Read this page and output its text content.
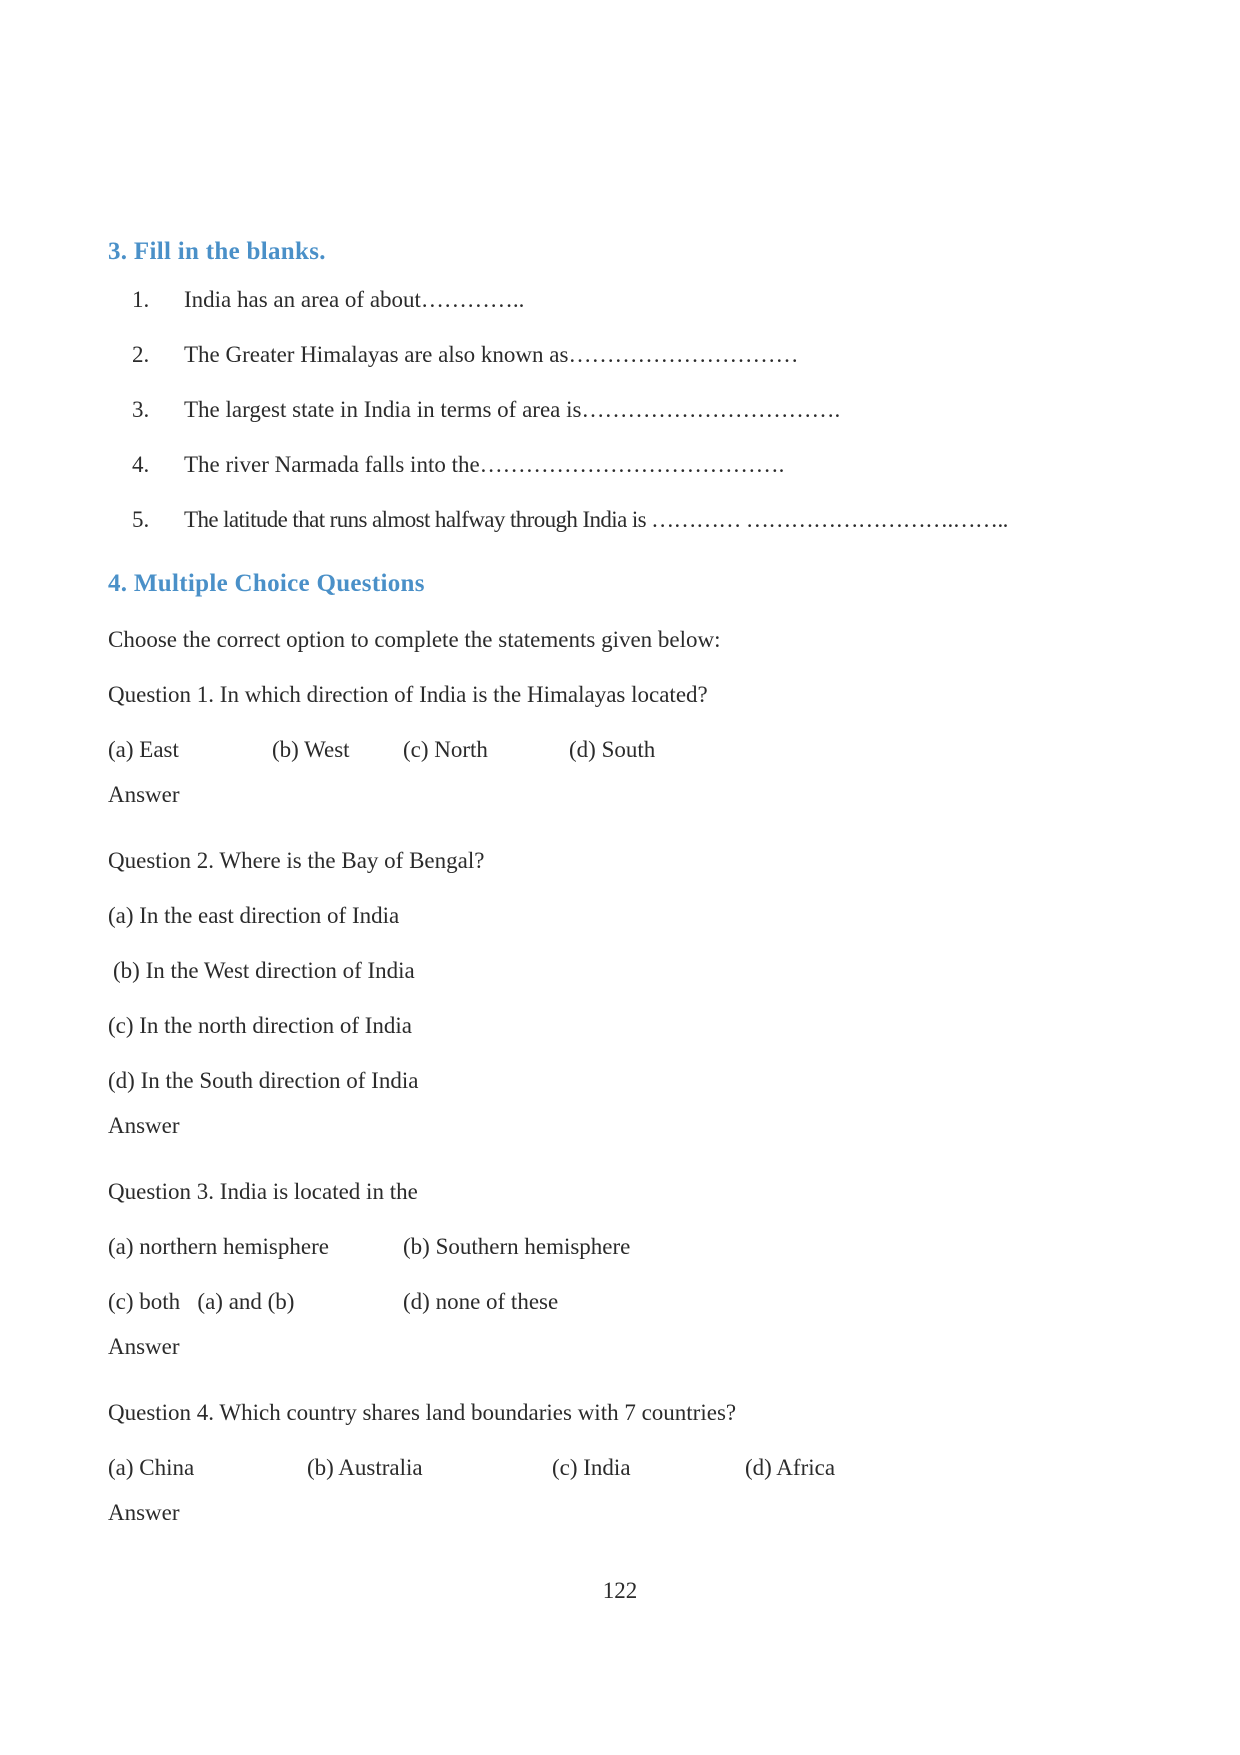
3. Fill in the blanks.
1. India has an area of about…………..
2. The Greater Himalayas are also known as…………………………
3. The largest state in India in terms of area is…………………………….
4. The river Narmada falls into the………………………………….
5. The latitude that runs almost halfway through India is ………… ……………………….……..
4. Multiple Choice Questions
Choose the correct option to complete the statements given below:
Question 1. In which direction of India is the Himalayas located?
(a) East	(b) West (c) North	(d) South
Answer
Question 2. Where is the Bay of Bengal?
(a) In the east direction of India
(b) In the West direction of India
(c) In the north direction of India
(d) In the South direction of India
Answer
Question 3. India is located in the
(a) northern hemisphere	(b) Southern hemisphere
(c) both   (a) and (b)	(d) none of these
Answer
Question 4. Which country shares land boundaries with 7 countries?
(a) China	(b) Australia	(c) India	(d) Africa
Answer
122
